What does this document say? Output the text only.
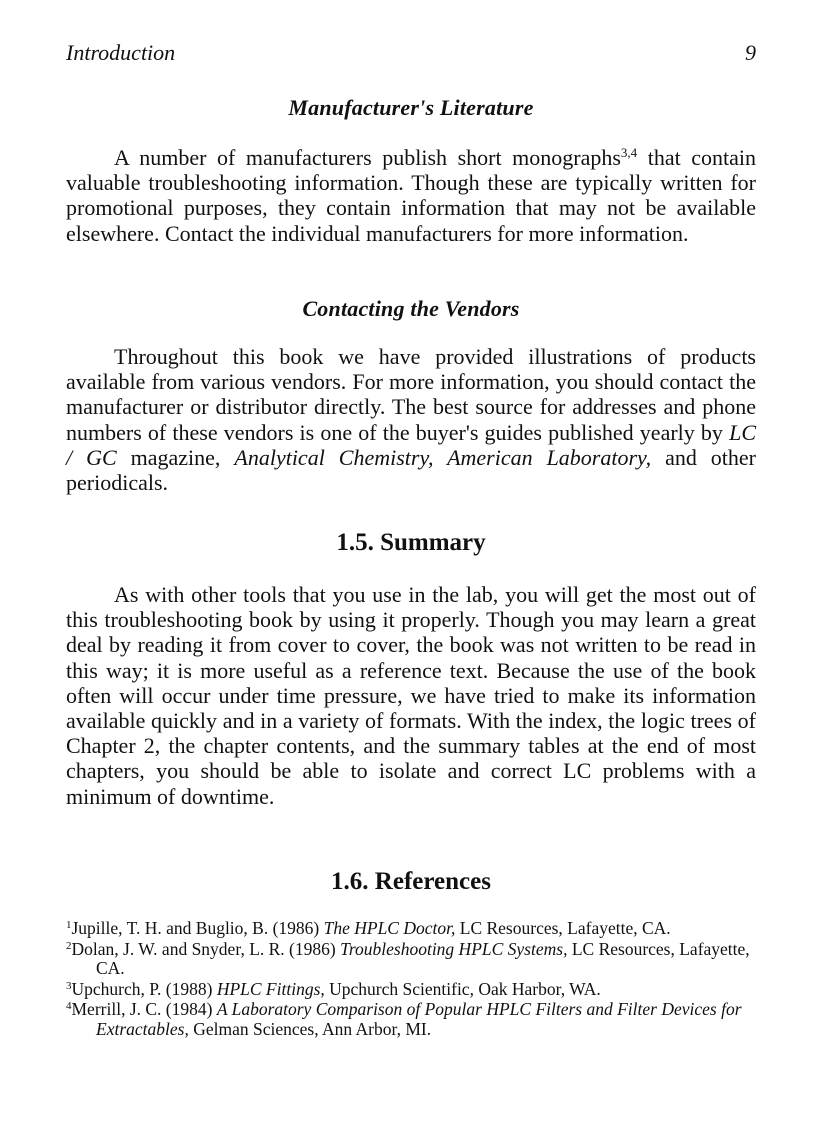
Introduction	9
Manufacturer's Literature

A number of manufacturers publish short monographs$^{3,4}$ that contain valuable troubleshooting information. Though these are typically written for promotional purposes, they contain information that may not be available elsewhere. Contact the individual manufacturers for more information.

Contacting the Vendors

Throughout this book we have provided illustrations of products available from various vendors. For more information, you should contact the manufacturer or distributor directly. The best source for addresses and phone numbers of these vendors is one of the buyer's guides published yearly by LC / GC magazine, Analytical Chemistry, American Laboratory, and other periodicals.

1.5. Summary

As with other tools that you use in the lab, you will get the most out of this troubleshooting book by using it properly. Though you may learn a great deal by reading it from cover to cover, the book was not written to be read in this way; it is more useful as a reference text. Because the use of the book often will occur under time pressure, we have tried to make its information available quickly and in a variety of formats. With the index, the logic trees of Chapter 2, the chapter contents, and the summary tables at the end of most chapters, you should be able to isolate and correct LC problems with a minimum of downtime.

1.6. References
$^1$Jupille, T. H. and Buglio, B. (1986) The HPLC Doctor, LC Resources, Lafayette, CA.
$^2$Dolan, J. W. and Snyder, L. R. (1986) Troubleshooting HPLC Systems, LC Resources, Lafayette, CA.
$^3$Upchurch, P. (1988) HPLC Fittings, Upchurch Scientific, Oak Harbor, WA.
$^4$Merrill, J. C. (1984) A Laboratory Comparison of Popular HPLC Filters and Filter Devices for Extractables, Gelman Sciences, Ann Arbor, MI.
